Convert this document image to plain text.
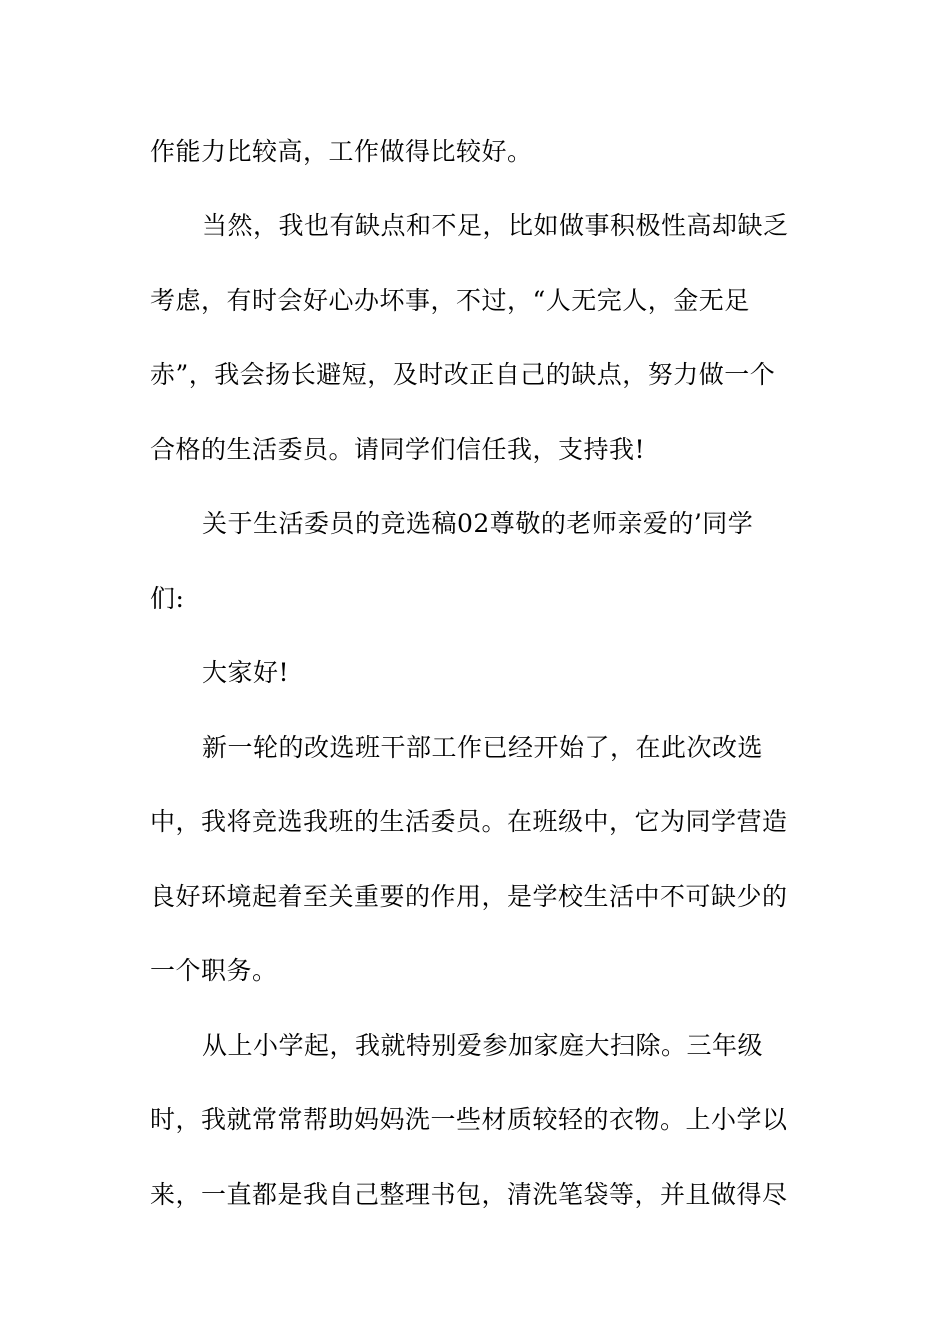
作能力比较高，工作做得比较好。
当然，我也有缺点和不足，比如做事积极性高却缺乏
考虑，有时会好心办坏事，不过，“人无完人，金无足
赤”，我会扬长避短，及时改正自己的缺点，努力做一个
合格的生活委员。请同学们信任我，支持我!
关于生活委员的竞选稿02尊敬的老师亲爱的’同学
们:
大家好!
新一轮的改选班干部工作已经开始了，在此次改选
中，我将竞选我班的生活委员。在班级中，它为同学营造
良好环境起着至关重要的作用，是学校生活中不可缺少的
一个职务。
从上小学起，我就特别爱参加家庭大扫除。三年级
时，我就常常帮助妈妈洗一些材质较轻的衣物。上小学以
来，一直都是我自己整理书包，清洗笔袋等，并且做得尽
